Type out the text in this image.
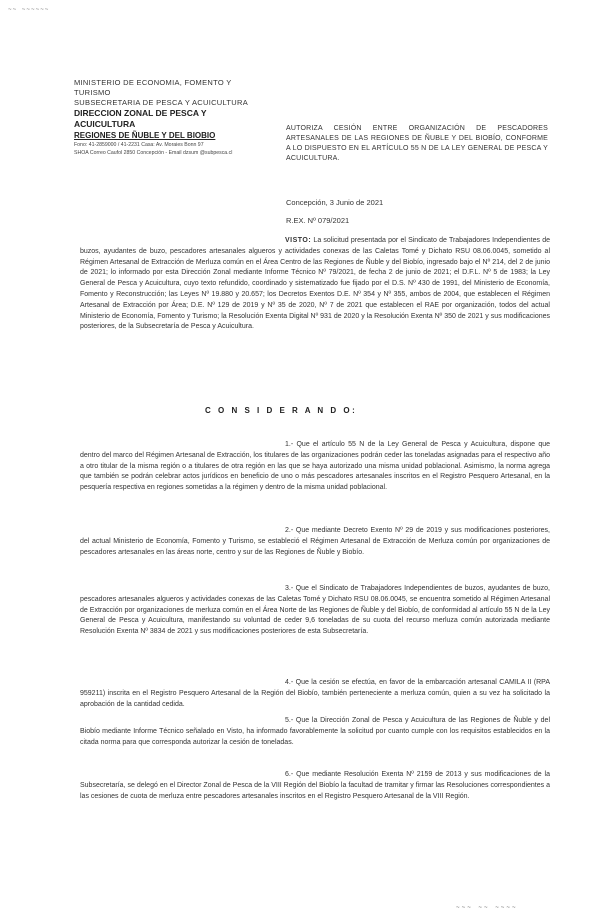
~~ ~~~~~~
MINISTERIO DE ECONOMIA, FOMENTO Y TURISMO
SUBSECRETARIA DE PESCA Y ACUICULTURA
DIRECCION ZONAL DE PESCA Y ACUICULTURA
REGIONES DE ÑUBLE Y DEL BIOBIO
Fono: 41-2859000 / 41-2231 Casa: Av. Moraies Bonn 97
SHOA Correo Caufol 2850 Concepción - Email dzsum @subpesca.cl
AUTORIZA CESIÓN ENTRE ORGANIZACIÓN DE PESCADORES ARTESANALES DE LAS REGIONES DE ÑUBLE Y DEL BIOBÍO, CONFORME A LO DISPUESTO EN EL ARTÍCULO 55 N DE LA LEY GENERAL DE PESCA Y ACUICULTURA.
Concepción, 3 Junio de 2021
R.EX. Nº 079/2021
VISTO: La solicitud presentada por el Sindicato de Trabajadores Independientes de buzos, ayudantes de buzo, pescadores artesanales algueros y actividades conexas de las Caletas Tomé y Dichato RSU 08.06.0045, sometido al Régimen Artesanal de Extracción de Merluza común en el Área Centro de las Regiones de Ñuble y del Biobío, ingresado bajo el Nº 214, del 2 de junio de 2021; lo informado por esta Dirección Zonal mediante Informe Técnico Nº 79/2021, de fecha 2 de junio de 2021; el D.F.L. Nº 5 de 1983; la Ley General de Pesca y Acuicultura, cuyo texto refundido, coordinado y sistematizado fue fijado por el D.S. Nº 430 de 1991, del Ministerio de Economía, Fomento y Reconstrucción; las Leyes Nº 19.880 y 20.657; los Decretos Exentos D.E. Nº 354 y Nº 355, ambos de 2004, que establecen el Régimen Artesanal de Extracción por Área; D.E. Nº 129 de 2019 y Nº 35 de 2020, Nº 7 de 2021 que establecen el RAE por organización, todos del actual Ministerio de Economía, Fomento y Turismo; la Resolución Exenta Digital Nº 931 de 2020 y la Resolución Exenta Nº 350 de 2021 y sus modificaciones posteriores, de la Subsecretaría de Pesca y Acuicultura.
C O N S I D E R A N D O:
1.- Que el artículo 55 N de la Ley General de Pesca y Acuicultura, dispone que dentro del marco del Régimen Artesanal de Extracción, los titulares de las organizaciones podrán ceder las toneladas asignadas para el respectivo año a otro titular de la misma región o a titulares de otra región en las que se haya autorizado una misma unidad poblacional. Asimismo, la norma agrega que también se podrán celebrar actos jurídicos en beneficio de uno o más pescadores artesanales inscritos en el Registro Pesquero Artesanal, en la pesquería respectiva en regiones sometidas a la régimen y dentro de la misma unidad poblacional.
2.- Que mediante Decreto Exento Nº 29 de 2019 y sus modificaciones posteriores, del actual Ministerio de Economía, Fomento y Turismo, se estableció el Régimen Artesanal de Extracción de Merluza común por organizaciones de pescadores artesanales en las áreas norte, centro y sur de las Regiones de Ñuble y Biobío.
3.- Que el Sindicato de Trabajadores Independientes de buzos, ayudantes de buzo, pescadores artesanales algueros y actividades conexas de las Caletas Tomé y Dichato RSU 08.06.0045, se encuentra sometido al Régimen Artesanal de Extracción por organizaciones de merluza común en el Área Norte de las Regiones de Ñuble y del Biobío, de conformidad al artículo 55 N de la Ley General de Pesca y Acuicultura, manifestando su voluntad de ceder 9,6 toneladas de su cuota del recurso merluza común autorizada mediante Resolución Exenta Nº 3834 de 2021 y sus modificaciones posteriores de esta Subsecretaría.
4.- Que la cesión se efectúa, en favor de la embarcación artesanal CAMILA II (RPA 959211) inscrita en el Registro Pesquero Artesanal de la Región del Biobío, también perteneciente a merluza común, quien a su vez ha solicitado la aprobación de la cantidad cedida.
5.- Que la Dirección Zonal de Pesca y Acuicultura de las Regiones de Ñuble y del Biobío mediante Informe Técnico señalado en Visto, ha informado favorablemente la solicitud por cuanto cumple con los requisitos establecidos en la citada norma para que corresponda autorizar la cesión de toneladas.
6.- Que mediante Resolución Exenta Nº 2159 de 2013 y sus modificaciones de la Subsecretaría, se delegó en el Director Zonal de Pesca de la VIII Región del Biobío la facultad de tramitar y firmar las Resoluciones correspondientes a las cesiones de cuota de merluza entre pescadores artesanales inscritos en el Registro Pesquero Artesanal de la VIII Región.
~~~ ~~ ~~~~
